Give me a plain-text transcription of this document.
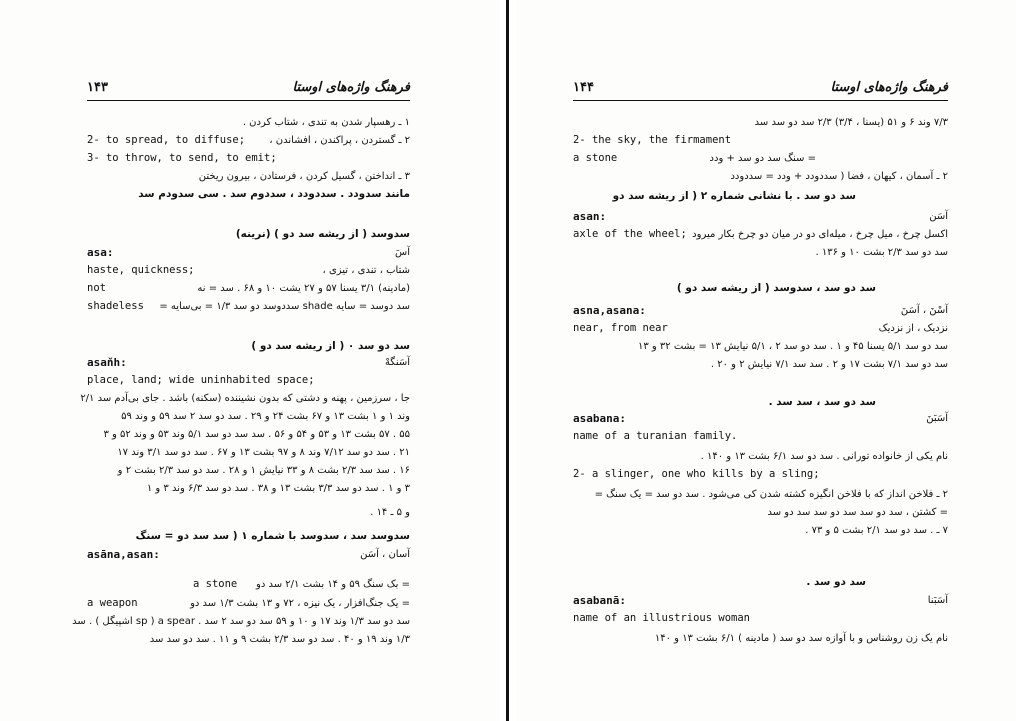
فرهنگ واژه‌های اوستا
۱۴۳
۱ ـ رهسپار شدن به تندی ، شتاب کردن .
2- to spread, to diffuse;	۲ ـ گستردن ، پراکندن ، افشاندن ،
3- to throw, to send, to emit;
۳ ـ انداختن ، گسیل کردن ، فرستادن ، بیرون ریختن
مانند سدودد . سددودد ، سددوم سد . سی سدودم سد
سدوسد ( از ریشه سد دو ) (نرینه)
asa:	آسَ
haste, quickness;	شتاب ، تندی ، تیزی ،
not	(مادینه) ۳/۱ یسنا ۵۷ و ۲۷ یشت ۱۰ و ۶۸ . سد = نه
shadeless سد دوسد = سایه shade سددوسد دو سد ۱/۳ = بی‌سایه =
سد دو سد ۰ ( از ریشه سد دو )
asaňh:	آسَنگهْ
place, land; wide uninhabited space;
جا ، سرزمین ، پهنه و دشتی که بدون نشیننده (سکنه) باشد . جای بی‌آدم سد ۲/۱
وند ۱ و ۱ بشت ۱۳ و ۶۷ بشت ۲۴ و ۲۹ . سد دو سد ۲ سد ۵۹ و وند ۵۹
۵۵ . ۵۷ بشت ۱۳ و ۵۳ و ۵۴ و ۵۶ . سد سد دو سد ۵/۱ وند ۵۳ و وند ۵۲ و ۳
۲۱ . سد دو سد ۷/۱۲ وند ۸ و ۹۷ بشت ۱۳ و ۶۷ . سد دو سد ۳/۱ وند ۱۷
۱۶ . سد سد ۲/۳ بشت ۸ و ۳۳ نیایش ۱ و ۲۸ . سد دو سد ۲/۳ بشت ۲ و
۳ و ۱ . سد دو سد ۳/۳ بشت ۱۳ و ۳۸ . سد دو سد ۶/۳ وند ۳ و ۱
و ۵ ـ ۱۴ .
سدوسد سد ، سدوسد با شماره ۱ ( سد سد دو = سنگ
asāna,asan:	آسان ، آسَن
a stone	= بک سنگ ۵۹ و ۱۴ بشت ۲/۱ سد دو
a weapon	= یک جنگ‌افزار ، یک نیزه ، ۷۲ و ۱۳ بشت ۱/۳ سد دو
سد دو سد ۱/۳ وند ۱۷ و ۱۰ و ۵۹ سد دو سد ۲ سد . sp ) a spear اشپیگل ) . سد
۱/۳ وند ۱۹ و ۴۰ . سد دو سد ۲/۳ بشت ۹ و ۱۱ . سد دو سد سد
فرهنگ واژه‌های اوستا
۱۴۴
۷/۳ وند ۶ و ۵۱ (یسنا ، ۳/۴) ۲/۳ سد دو سد سد
2- the sky, the firmament
a stone	= سنگ سد دو سد + ودد
۲ ـ آسمان ، کیهان ، فضا ( سددودد + ودد = سددودد
سد دو سد . با نشانی شماره ۲ ( از ریشه سد دو
asan:	آسَن
axle of the wheel; اکسل چرخ ، میل چرخ ، میله‌ای دو در میان دو چرخ بکار میرود
سد دو سد ۲/۳ بشت ۱۰ و ۱۳۶ .
سد دو سد ، سدوسد ( از ریشه سد دو )
asna,asana:	آسْنَ ، آسَنَ
near, from near	نزدیک ، از نزدیک
سد دو سد ۵/۱ یسنا ۴۵ و ۱ . سد دو سد ۲ ، ۵/۱ نیایش ۱۳ = بشت ۳۲ و ۱۳
سد دو سد ۷/۱ بشت ۱۷ و ۲ . سد سد ۷/۱ نیایش ۲ و ۲۰ .
سد دو سد ، سد سد .
asabana:	آسَبَنَ
name of a turanian family.
نام یکی از خانواده تورانی . سد دو سد ۶/۱ بشت ۱۳ و ۱۴۰ .
2- a slinger, one who kills by a sling;
۲ ـ فلاخن انداز که با فلاخن انگیزه کشته شدن کی می‌شود . سد دو سد = یک سنگ =
= کشتن ، سد دو سد سد دو سد سد دو سد
۷ ـ . سد دو سد ۲/۱ بشت ۵ و ۷۳ .
سد دو سد .
asabanā:	آسَبَنا
name of an illustrious woman
نام یک زن روشناس و با آوازه سد دو سد ( مادینه ) ۶/۱ بشت ۱۳ و ۱۴۰
